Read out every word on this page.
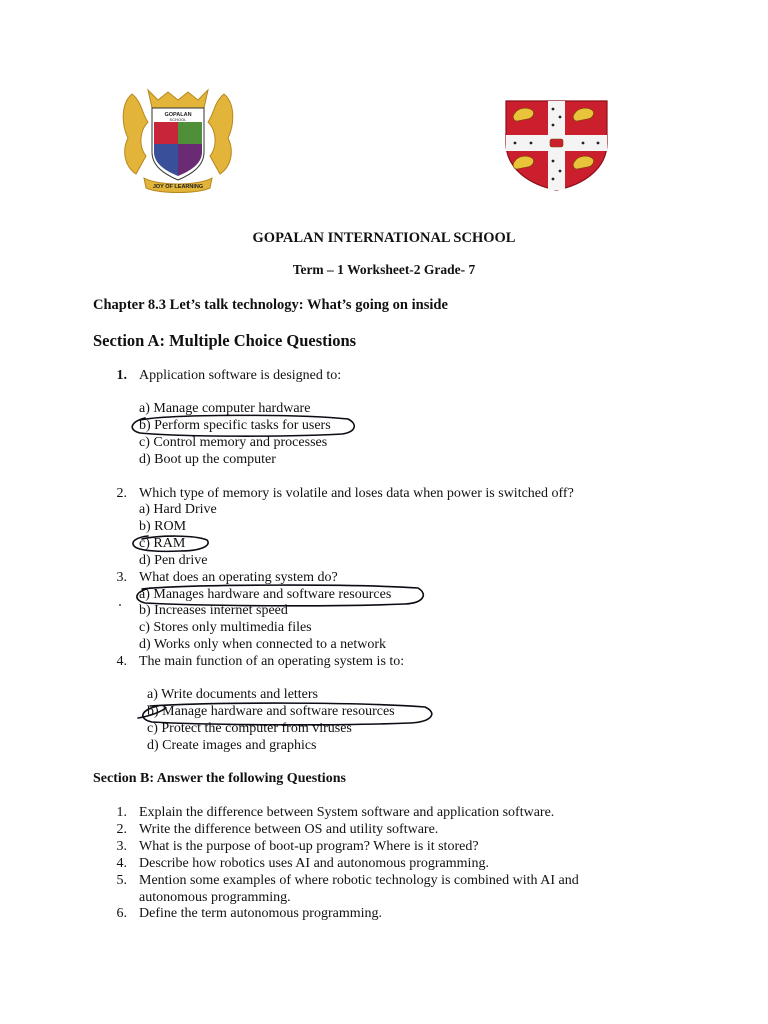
GOPALAN
SCHOOL
JOY OF LEARNING
GOPALAN INTERNATIONAL SCHOOL
Term – 1 Worksheet-2 Grade- 7
Chapter 8.3 Let’s talk technology: What’s going on inside
Section A: Multiple Choice Questions
1. Application software is designed to:
a) Manage computer hardware
b) Perform specific tasks for users
c) Control memory and processes
d) Boot up the computer
2. Which type of memory is volatile and loses data when power is switched off?
a) Hard Drive
b) ROM
c) RAM
d) Pen drive
3. What does an operating system do?
a) Manages hardware and software resources
b) Increases internet speed
c) Stores only multimedia files
d) Works only when connected to a network
4. The main function of an operating system is to:
a) Write documents and letters
b) Manage hardware and software resources
c) Protect the computer from viruses
d) Create images and graphics
Section B: Answer the following Questions
1. Explain the difference between System software and application software.
2. Write the difference between OS and utility software.
3. What is the purpose of boot-up program? Where is it stored?
4. Describe how robotics uses AI and autonomous programming.
5. Mention some examples of where robotic technology is combined with AI and
autonomous programming.
6. Define the term autonomous programming.
